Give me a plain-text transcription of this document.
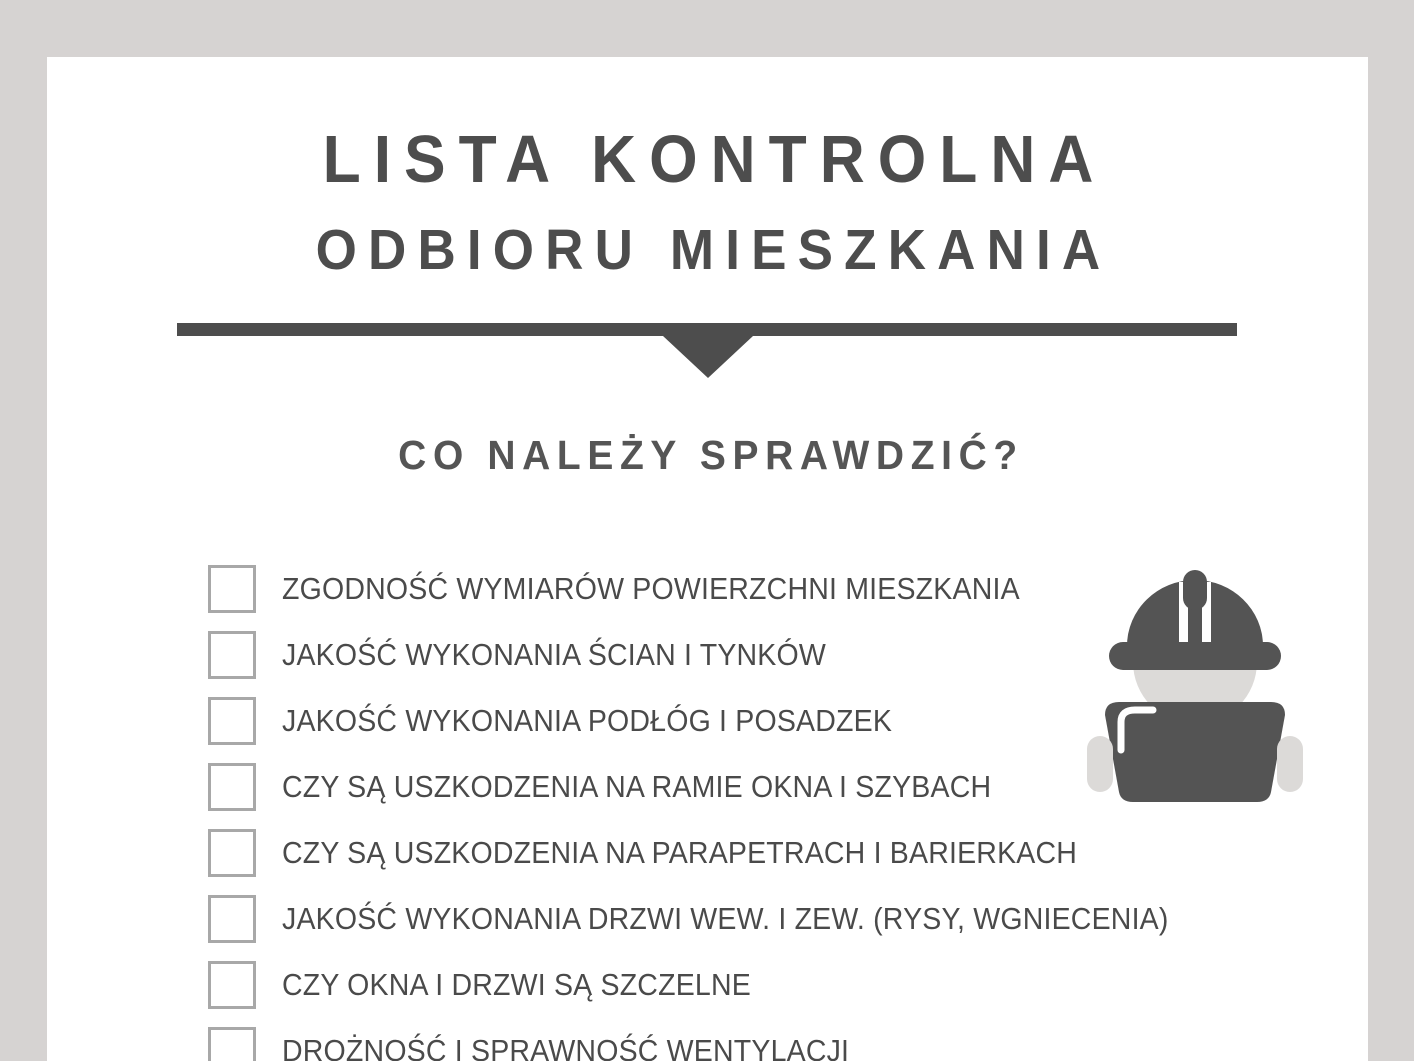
LISTA KONTROLNA
ODBIORU MIESZKANIA
CO NALEŻY SPRAWDZIĆ?
ZGODNOŚĆ WYMIARÓW POWIERZCHNI MIESZKANIA
JAKOŚĆ WYKONANIA ŚCIAN I TYNKÓW
JAKOŚĆ WYKONANIA PODŁÓG I POSADZEK
CZY SĄ USZKODZENIA NA RAMIE OKNA I SZYBACH
CZY SĄ USZKODZENIA NA PARAPETRACH I BARIERKACH
JAKOŚĆ WYKONANIA DRZWI WEW. I ZEW. (RYSY, WGNIECENIA)
CZY OKNA I DRZWI SĄ SZCZELNE
DROŻNOŚĆ I SPRAWNOŚĆ WENTYLACJI
